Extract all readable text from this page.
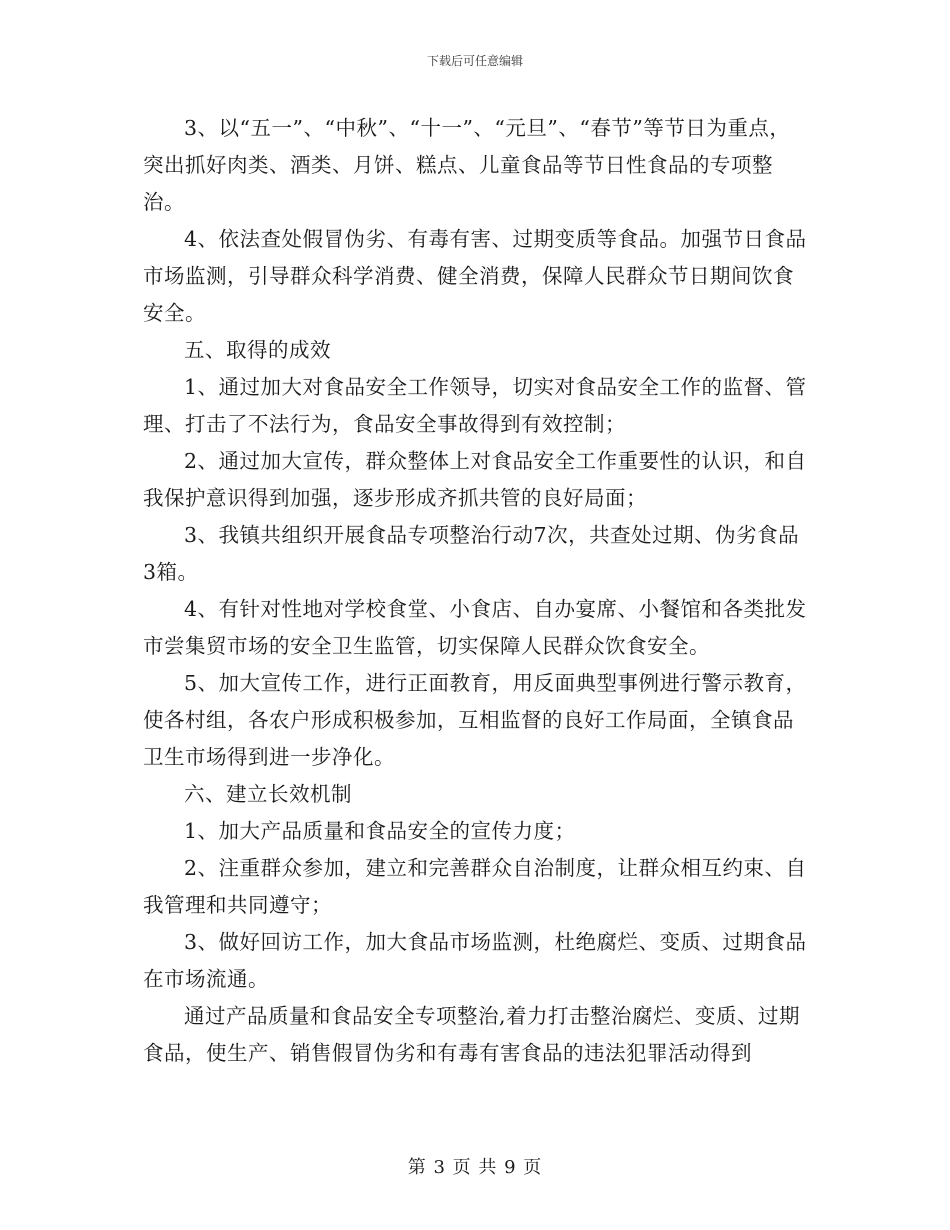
下载后可任意编辑

3、以“五一”、“中秋”、“十一”、“元旦”、“春节”等节日为重点，突出抓好肉类、酒类、月饼、糕点、儿童食品等节日性食品的专项整治。

4、依法查处假冒伪劣、有毒有害、过期变质等食品。加强节日食品市场监测，引导群众科学消费、健全消费，保障人民群众节日期间饮食安全。

五、取得的成效

1、通过加大对食品安全工作领导，切实对食品安全工作的监督、管理、打击了不法行为，食品安全事故得到有效控制；

2、通过加大宣传，群众整体上对食品安全工作重要性的认识，和自我保护意识得到加强，逐步形成齐抓共管的良好局面；

3、我镇共组织开展食品专项整治行动7次，共查处过期、伪劣食品3箱。

4、有针对性地对学校食堂、小食店、自办宴席、小餐馆和各类批发市尝集贸市场的安全卫生监管，切实保障人民群众饮食安全。

5、加大宣传工作，进行正面教育，用反面典型事例进行警示教育，使各村组，各农户形成积极参加，互相监督的良好工作局面，全镇食品卫生市场得到进一步净化。

六、建立长效机制

1、加大产品质量和食品安全的宣传力度；

2、注重群众参加，建立和完善群众自治制度，让群众相互约束、自我管理和共同遵守；

3、做好回访工作，加大食品市场监测，杜绝腐烂、变质、过期食品在市场流通。

通过产品质量和食品安全专项整治,着力打击整治腐烂、变质、过期食品，使生产、销售假冒伪劣和有毒有害食品的违法犯罪活动得到

第 3 页 共 9 页
